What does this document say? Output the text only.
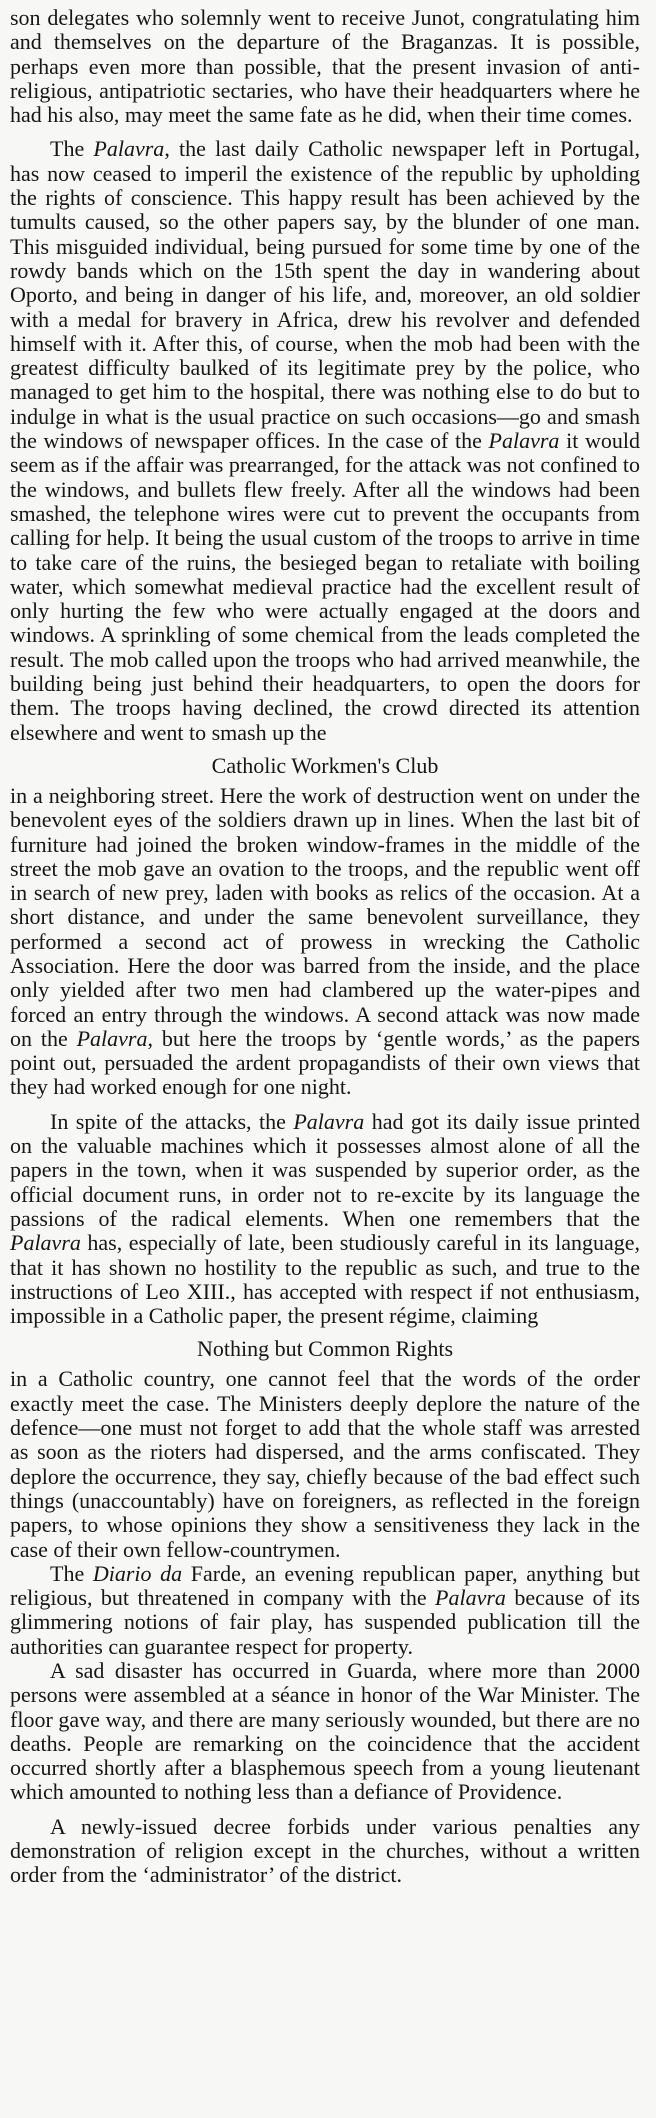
son delegates who solemnly went to receive Junot, congratulating him and themselves on the departure of the Braganzas. It is possible, perhaps even more than possible, that the present invasion of anti-religious, antipatriotic sectaries, who have their headquarters where he had his also, may meet the same fate as he did, when their time comes.

The Palavra, the last daily Catholic newspaper left in Portugal, has now ceased to imperil the existence of the republic by upholding the rights of conscience. This happy result has been achieved by the tumults caused, so the other papers say, by the blunder of one man. This misguided individual, being pursued for some time by one of the rowdy bands which on the 15th spent the day in wandering about Oporto, and being in danger of his life, and, moreover, an old soldier with a medal for bravery in Africa, drew his revolver and defended himself with it. After this, of course, when the mob had been with the greatest difficulty baulked of its legitimate prey by the police, who managed to get him to the hospital, there was nothing else to do but to indulge in what is the usual practice on such occasions—go and smash the windows of newspaper offices. In the case of the Palavra it would seem as if the affair was prearranged, for the attack was not confined to the windows, and bullets flew freely. After all the windows had been smashed, the telephone wires were cut to prevent the occupants from calling for help. It being the usual custom of the troops to arrive in time to take care of the ruins, the besieged began to retaliate with boiling water, which somewhat medieval practice had the excellent result of only hurting the few who were actually engaged at the doors and windows. A sprinkling of some chemical from the leads completed the result. The mob called upon the troops who had arrived meanwhile, the building being just behind their headquarters, to open the doors for them. The troops having declined, the crowd directed its attention elsewhere and went to smash up the

Catholic Workmen's Club

in a neighboring street. Here the work of destruction went on under the benevolent eyes of the soldiers drawn up in lines. When the last bit of furniture had joined the broken window-frames in the middle of the street the mob gave an ovation to the troops, and the republic went off in search of new prey, laden with books as relics of the occasion. At a short distance, and under the same benevolent surveillance, they performed a second act of prowess in wrecking the Catholic Association. Here the door was barred from the inside, and the place only yielded after two men had clambered up the water-pipes and forced an entry through the windows. A second attack was now made on the Palavra, but here the troops by ‘gentle words,’ as the papers point out, persuaded the ardent propagandists of their own views that they had worked enough for one night.

In spite of the attacks, the Palavra had got its daily issue printed on the valuable machines which it possesses almost alone of all the papers in the town, when it was suspended by superior order, as the official document runs, in order not to re-excite by its language the passions of the radical elements. When one remembers that the Palavra has, especially of late, been studiously careful in its language, that it has shown no hostility to the republic as such, and true to the instructions of Leo XIII., has accepted with respect if not enthusiasm, impossible in a Catholic paper, the present régime, claiming

Nothing but Common Rights

in a Catholic country, one cannot feel that the words of the order exactly meet the case. The Ministers deeply deplore the nature of the defence—one must not forget to add that the whole staff was arrested as soon as the rioters had dispersed, and the arms confiscated. They deplore the occurrence, they say, chiefly because of the bad effect such things (unaccountably) have on foreigners, as reflected in the foreign papers, to whose opinions they show a sensitiveness they lack in the case of their own fellow-countrymen.

The Diario da Farde, an evening republican paper, anything but religious, but threatened in company with the Palavra because of its glimmering notions of fair play, has suspended publication till the authorities can guarantee respect for property.

A sad disaster has occurred in Guarda, where more than 2000 persons were assembled at a séance in honor of the War Minister. The floor gave way, and there are many seriously wounded, but there are no deaths. People are remarking on the coincidence that the accident occurred shortly after a blasphemous speech from a young lieutenant which amounted to nothing less than a defiance of Providence.

A newly-issued decree forbids under various penalties any demonstration of religion except in the churches, without a written order from the ‘administrator’ of the district.
